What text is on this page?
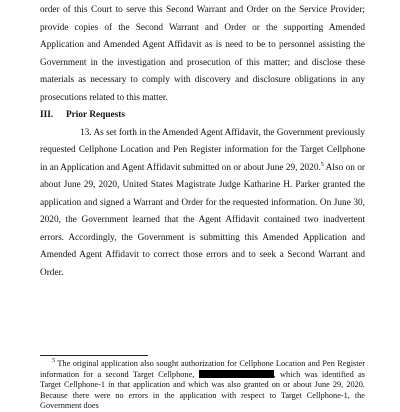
order of this Court to serve this Second Warrant and Order on the Service Provider; provide copies of the Second Warrant and Order or the supporting Amended Application and Amended Agent Affidavit as is need to be to personnel assisting the Government in the investigation and prosecution of this matter; and disclose these materials as necessary to comply with discovery and disclosure obligations in any prosecutions related to this matter.

III. Prior Requests

13. As set forth in the Amended Agent Affidavit, the Government previously requested Cellphone Location and Pen Register information for the Target Cellphone in an Application and Agent Affidavit submitted on or about June 29, 2020.$^5$ Also on or about June 29, 2020, United States Magistrate Judge Katharine H. Parker granted the application and signed a Warrant and Order for the requested information. On June 30, 2020, the Government learned that the Agent Affidavit contained two inadvertent errors. Accordingly, the Government is submitting this Amended Application and Amended Agent Affidavit to correct those errors and to seek a Second Warrant and Order.

$^5$ The original application also sought authorization for Cellphone Location and Pen Register information for a second Target Cellphone,	, which was identified as Target Cellphone-1 in that application and which was also granted on or about June 29, 2020. Because there were no errors in the application with respect to Target Cellphone-1, the Government does
